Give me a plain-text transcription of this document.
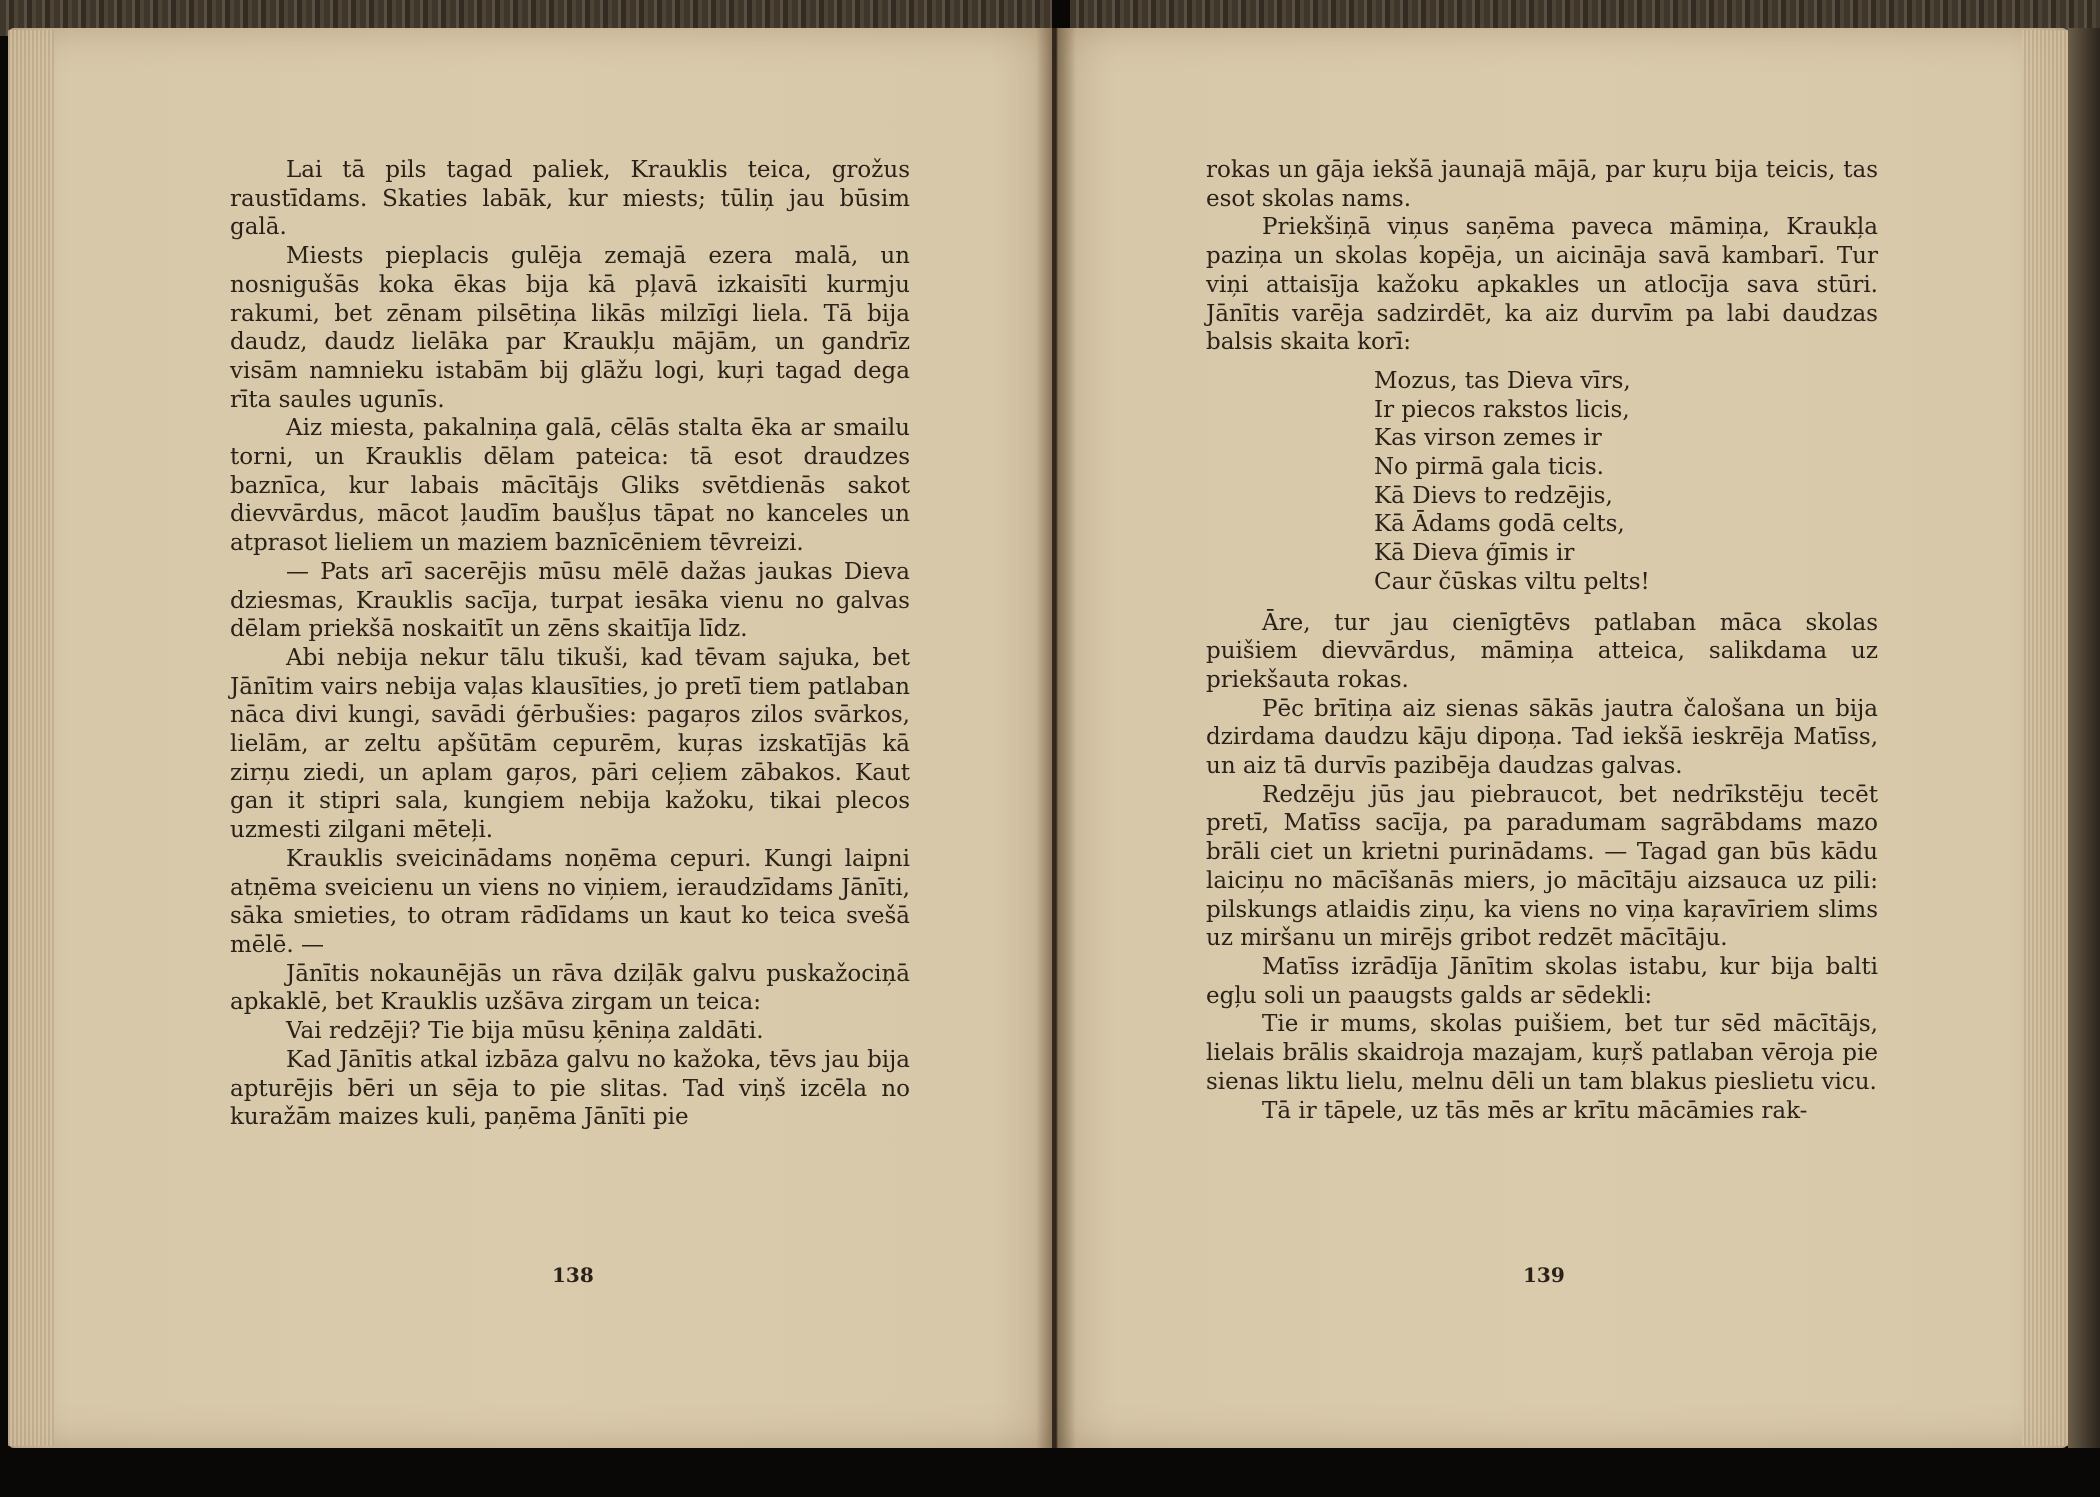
Lai tā pils tagad paliek, Krauklis teica, grožus raustīdams. Skaties labāk, kur miests; tūliņ jau būsim galā.

Miests pieplacis gulēja zemajā ezera malā, un nosnigušās koka ēkas bija kā pļavā izkaisīti kurmju rakumi, bet zēnam pilsētiņa likās milzīgi liela. Tā bija daudz, daudz lielāka par Kraukļu mājām, un gandrīz visām namnieku istabām bij glāžu logi, kuŗi tagad dega rīta saules ugunīs.

Aiz miesta, pakalniņa galā, cēlās stalta ēka ar smailu torni, un Krauklis dēlam pateica: tā esot draudzes baznīca, kur labais mācītājs Gliks svētdienās sakot dievvārdus, mācot ļaudīm baušļus tāpat no kanceles un atprasot lieliem un maziem baznīcēniem tēvreizi.

— Pats arī sacerējis mūsu mēlē dažas jaukas Dieva dziesmas, Krauklis sacīja, turpat iesāka vienu no galvas dēlam priekšā noskaitīt un zēns skaitīja līdz.

Abi nebija nekur tālu tikuši, kad tēvam sajuka, bet Jānītim vairs nebija vaļas klausīties, jo pretī tiem patlaban nāca divi kungi, savādi ģērbušies: pagaŗos zilos svārkos, lielām, ar zeltu apšūtām cepurēm, kuŗas izskatījās kā zirņu ziedi, un aplam gaŗos, pāri ceļiem zābakos. Kaut gan it stipri sala, kungiem nebija kažoku, tikai plecos uzmesti zilgani mēteļi.

Krauklis sveicinādams noņēma cepuri. Kungi laipni atņēma sveicienu un viens no viņiem, ieraudzīdams Jānīti, sāka smieties, to otram rādīdams un kaut ko teica svešā mēlē. —

Jānītis nokaunējās un rāva dziļāk galvu puskažociņā apkaklē, bet Krauklis uzšāva zirgam un teica:

Vai redzēji? Tie bija mūsu ķēniņa zaldāti.

Kad Jānītis atkal izbāza galvu no kažoka, tēvs jau bija apturējis bēri un sēja to pie slitas. Tad viņš izcēla no kuražām maizes kuli, paņēma Jānīti pie

138

rokas un gāja iekšā jaunajā mājā, par kuŗu bija teicis, tas esot skolas nams.

Priekšiņā viņus saņēma paveca māmiņa, Kraukļa paziņa un skolas kopēja, un aicināja savā kambarī. Tur viņi attaisīja kažoku apkakles un atlocīja sava stūri. Jānītis varēja sadzirdēt, ka aiz durvīm pa labi daudzas balsis skaita korī:

Mozus, tas Dieva vīrs,
Ir piecos rakstos licis,
Kas virson zemes ir
No pirmā gala ticis.
Kā Dievs to redzējis,
Kā Ādams godā celts,
Kā Dieva ģīmis ir
Caur čūskas viltu pelts!

Āre, tur jau cienīgtēvs patlaban māca skolas puišiem dievvārdus, māmiņa atteica, salikdama uz priekšauta rokas.

Pēc brītiņa aiz sienas sākās jautra čalošana un bija dzirdama daudzu kāju dipoņa. Tad iekšā ieskrēja Matīss, un aiz tā durvīs pazibēja daudzas galvas.

Redzēju jūs jau piebraucot, bet nedrīkstēju tecēt pretī, Matīss sacīja, pa paradumam sagrābdams mazo brāli ciet un krietni purinādams. — Tagad gan būs kādu laiciņu no mācīšanās miers, jo mācītāju aizsauca uz pili: pilskungs atlaidis ziņu, ka viens no viņa kaŗavīriem slims uz miršanu un mirējs gribot redzēt mācītāju.

Matīss izrādīja Jānītim skolas istabu, kur bija balti egļu soli un paaugsts galds ar sēdekli:

Tie ir mums, skolas puišiem, bet tur sēd mācītājs, lielais brālis skaidroja mazajam, kuŗš patlaban vēroja pie sienas liktu lielu, melnu dēli un tam blakus pieslietu vicu.

Tā ir tāpele, uz tās mēs ar krītu mācāmies rak-

139
